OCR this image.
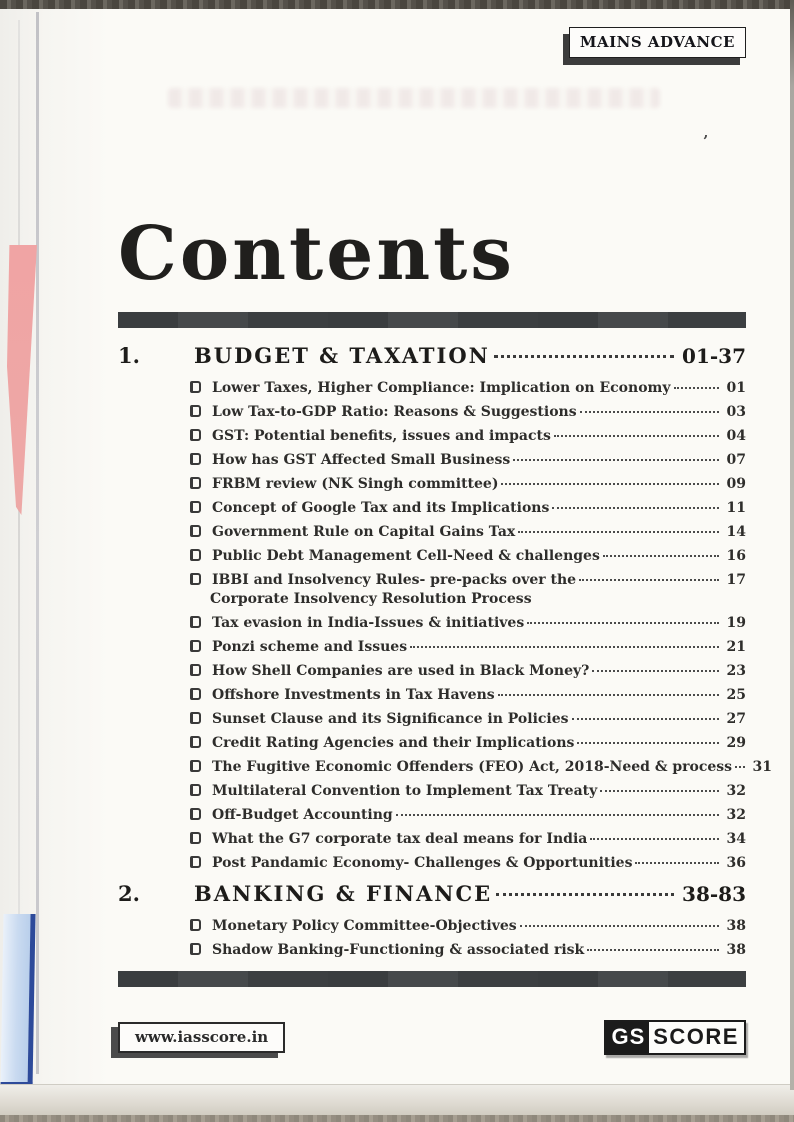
’
MAINS ADVANCE
Contents
1.	BUDGET & TAXATION	01-37
Lower Taxes, Higher Compliance: Implication on Economy	01
Low Tax-to-GDP Ratio: Reasons & Suggestions	03
GST: Potential benefits, issues and impacts	04
How has GST Affected Small Business	07
FRBM review (NK Singh committee)	09
Concept of Google Tax and its Implications	11
Government Rule on Capital Gains Tax	14
Public Debt Management Cell-Need & challenges	16
IBBI and Insolvency Rules- pre-packs over the	17
Corporate Insolvency Resolution Process
Tax evasion in India-Issues & initiatives	19
Ponzi scheme and Issues	21
How Shell Companies are used in Black Money?	23
Offshore Investments in Tax Havens	25
Sunset Clause and its Significance in Policies	27
Credit Rating Agencies and their Implications	29
The Fugitive Economic Offenders (FEO) Act, 2018-Need & process	31
Multilateral Convention to Implement Tax Treaty	32
Off-Budget Accounting	32
What the G7 corporate tax deal means for India	34
Post Pandamic Economy- Challenges & Opportunities	36
2.	BANKING & FINANCE	38-83
Monetary Policy Committee-Objectives	38
Shadow Banking-Functioning & associated risk	38
www.iasscore.in	GS SCORE
